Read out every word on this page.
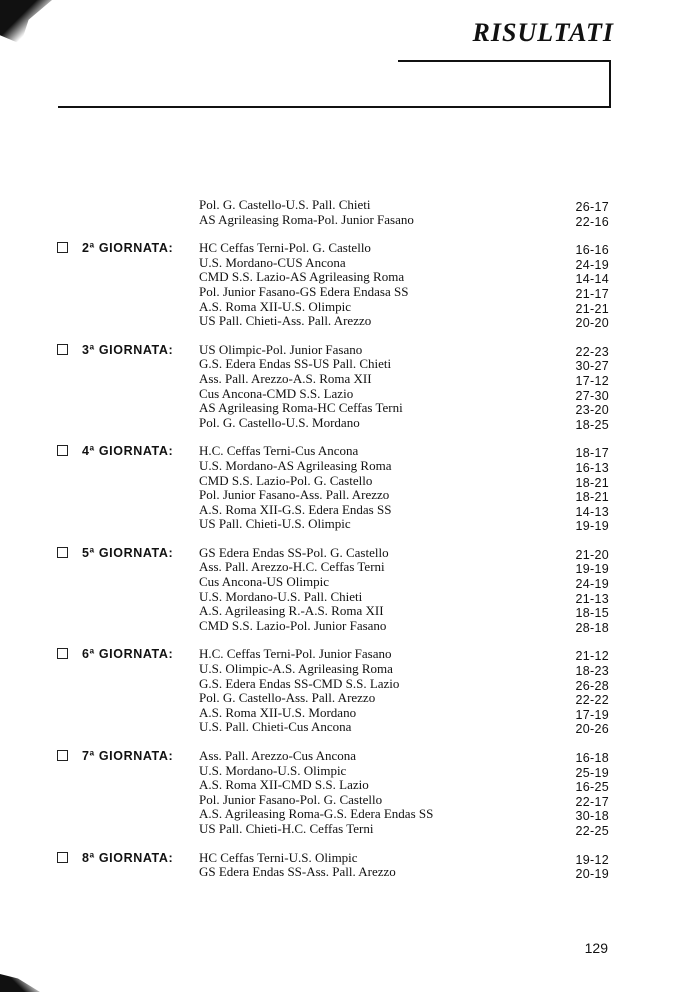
RISULTATI
Pol. G. Castello-U.S. Pall. Chieti	26-17
AS Agrileasing Roma-Pol. Junior Fasano	22-16
2ª GIORNATA: HC Ceffas Terni-Pol. G. Castello	16-16
U.S. Mordano-CUS Ancona	24-19
CMD S.S. Lazio-AS Agrileasing Roma	14-14
Pol. Junior Fasano-GS Edera Endasa SS	21-17
A.S. Roma XII-U.S. Olimpic	21-21
US Pall. Chieti-Ass. Pall. Arezzo	20-20
3ª GIORNATA: US Olimpic-Pol. Junior Fasano	22-23
G.S. Edera Endas SS-US Pall. Chieti	30-27
Ass. Pall. Arezzo-A.S. Roma XII	17-12
Cus Ancona-CMD S.S. Lazio	27-30
AS Agrileasing Roma-HC Ceffas Terni	23-20
Pol. G. Castello-U.S. Mordano	18-25
4ª GIORNATA: H.C. Ceffas Terni-Cus Ancona	18-17
U.S. Mordano-AS Agrileasing Roma	16-13
CMD S.S. Lazio-Pol. G. Castello	18-21
Pol. Junior Fasano-Ass. Pall. Arezzo	18-21
A.S. Roma XII-G.S. Edera Endas SS	14-13
US Pall. Chieti-U.S. Olimpic	19-19
5ª GIORNATA: GS Edera Endas SS-Pol. G. Castello	21-20
Ass. Pall. Arezzo-H.C. Ceffas Terni	19-19
Cus Ancona-US Olimpic	24-19
U.S. Mordano-U.S. Pall. Chieti	21-13
A.S. Agrileasing R.-A.S. Roma XII	18-15
CMD S.S. Lazio-Pol. Junior Fasano	28-18
6ª GIORNATA: H.C. Ceffas Terni-Pol. Junior Fasano	21-12
U.S. Olimpic-A.S. Agrileasing Roma	18-23
G.S. Edera Endas SS-CMD S.S. Lazio	26-28
Pol. G. Castello-Ass. Pall. Arezzo	22-22
A.S. Roma XII-U.S. Mordano	17-19
U.S. Pall. Chieti-Cus Ancona	20-26
7ª GIORNATA: Ass. Pall. Arezzo-Cus Ancona	16-18
U.S. Mordano-U.S. Olimpic	25-19
A.S. Roma XII-CMD S.S. Lazio	16-25
Pol. Junior Fasano-Pol. G. Castello	22-17
A.S. Agrileasing Roma-G.S. Edera Endas SS	30-18
US Pall. Chieti-H.C. Ceffas Terni	22-25
8ª GIORNATA: HC Ceffas Terni-U.S. Olimpic	19-12
GS Edera Endas SS-Ass. Pall. Arezzo	20-19
129
